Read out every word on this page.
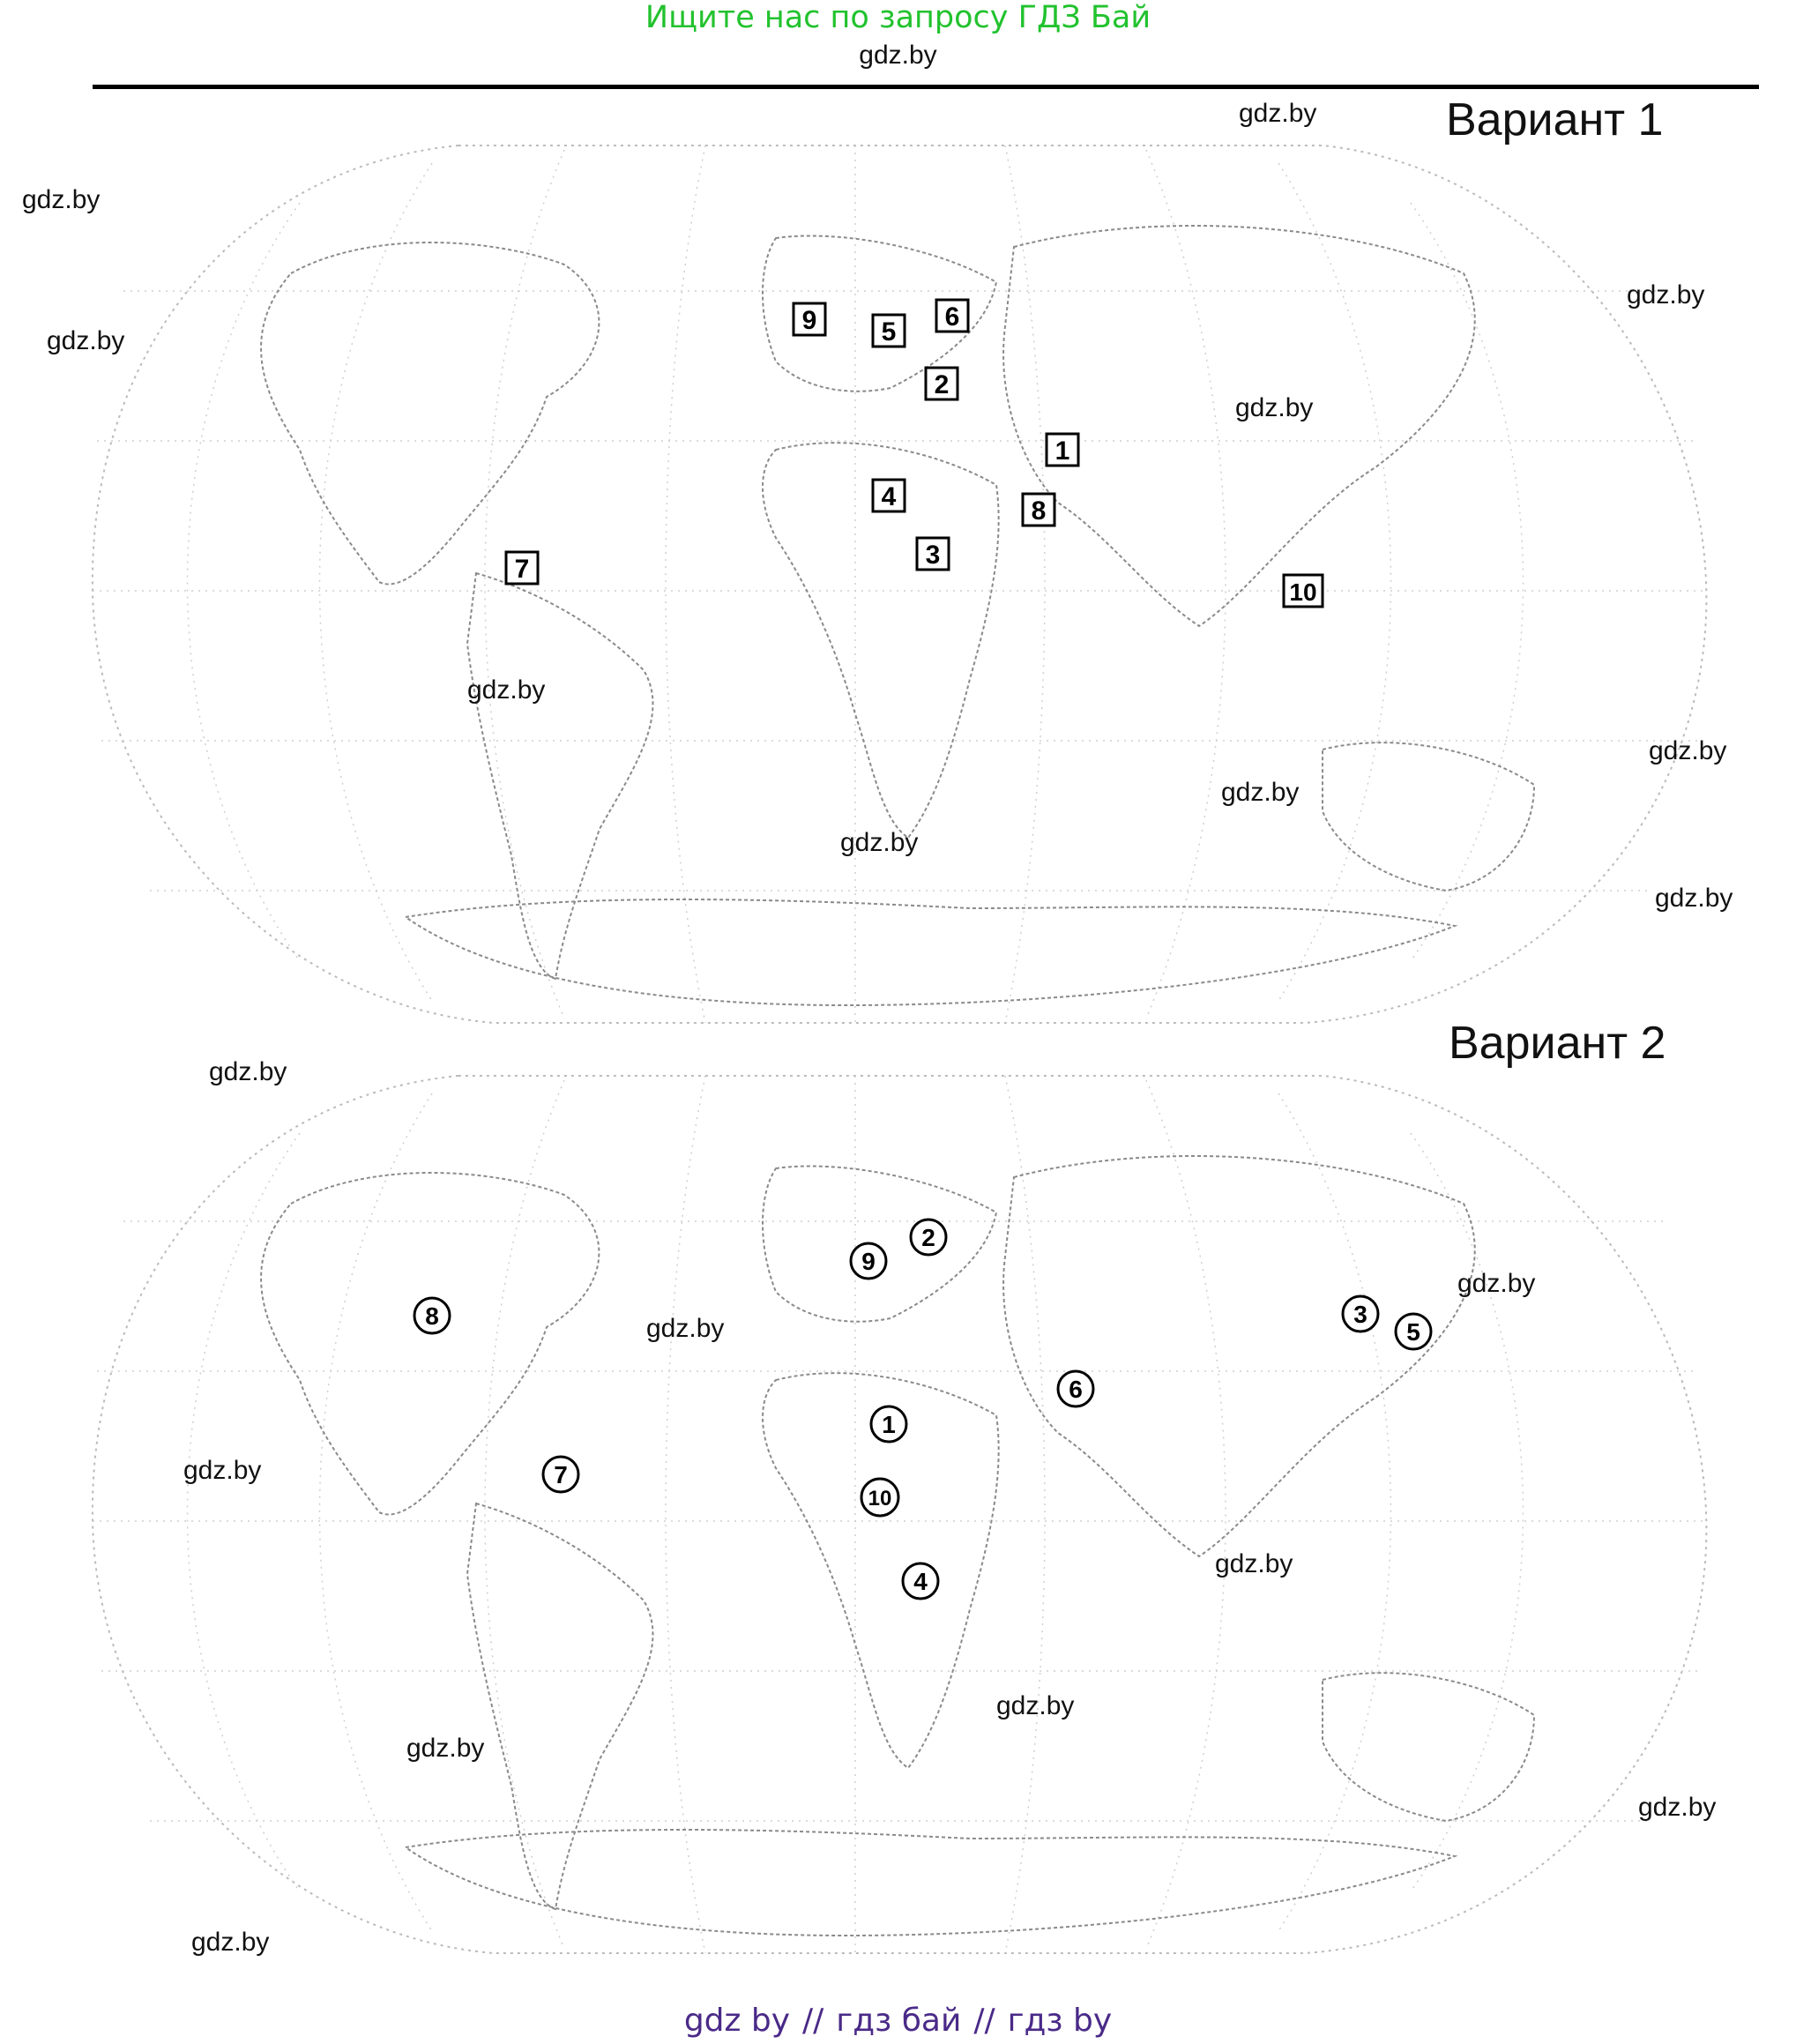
Ищите нас по запросу ГДЗ Бай
gdz.by
Вариант 1
Вариант 2
9 5
6
2
1
4	8
3
7
10
9
2
8	3
5
6
1
7
10
4
gdz.by
gdz.by
gdz.by
gdz.by
gdz.by
gdz.by
gdz.by
gdz.by
gdz.by
gdz.by
gdz.by
gdz.by
gdz.by
gdz.by
gdz.by
gdz.by
gdz.by
gdz.by
gdz.by
gdz by // гдз бай // гдз by
